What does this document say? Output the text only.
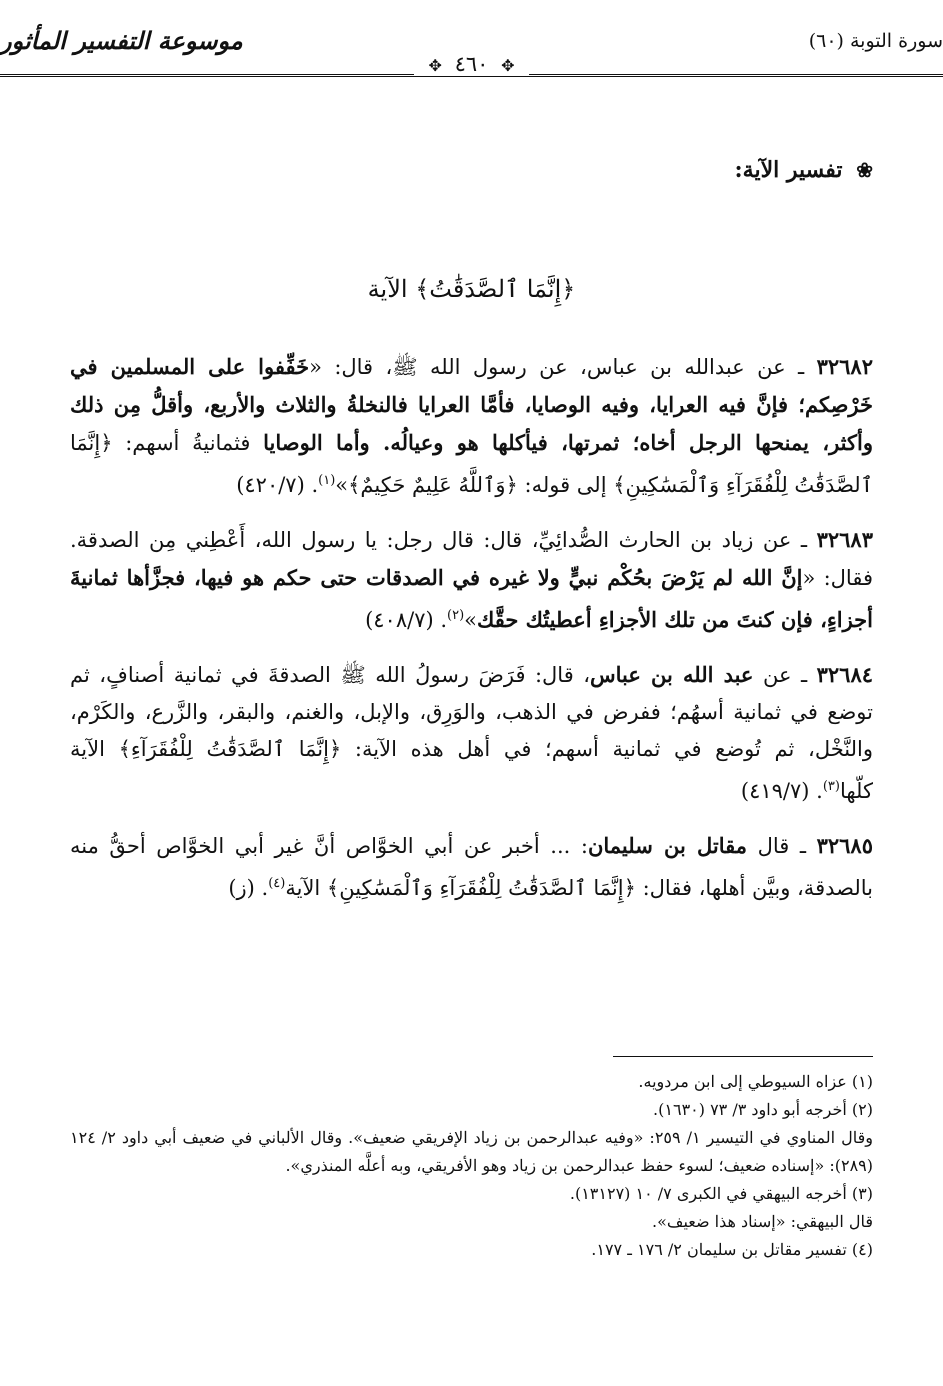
سورة التوبة (٦٠)
موسوعة التفسير المأثور
✥ ٤٦٠ ✥
❀ تفسير الآية:
﴿إِنَّمَا ٱلصَّدَقَٰتُ﴾ الآية

٣٢٦٨٢ ـ عن عبدالله بن عباس، عن رسول الله ﷺ، قال: «خَفِّفوا على المسلمين في خَرْصِكم؛ فإنَّ فيه العرايا، وفيه الوصايا، فأمَّا العرايا فالنخلةُ والثلاث والأربع، وأقلُّ مِن ذلك وأكثر، يمنحها الرجل أخاه؛ ثمرتها، فيأكلها هو وعيالُه. وأما الوصايا فثمانيةُ أسهم: ﴿إِنَّمَا ٱلصَّدَقَٰتُ لِلْفُقَرَآءِ وَٱلْمَسَٰكِينِ﴾ إلى قوله: ﴿وَٱللَّهُ عَلِيمٌ حَكِيمٌ﴾»$^{(١)}$. (٤٢٠/٧)

٣٢٦٨٣ ـ عن زياد بن الحارث الصُّدائِيِّ، قال: قال رجل: يا رسول الله، أَعْطِني مِن الصدقة. فقال: «إنَّ الله لم يَرْضَ بحُكْم نبيٍّ ولا غيره في الصدقات حتى حكم هو فيها، فجزَّأها ثمانيةَ أجزاءٍ، فإن كنتَ من تلك الأجزاءِ أعطيتُك حقَّك»$^{(٢)}$. (٤٠٨/٧)

٣٢٦٨٤ ـ عن عبد الله بن عباس، قال: فَرَضَ رسولُ الله ﷺ الصدقةَ في ثمانية أصنافٍ، ثم توضع في ثمانية أسهُم؛ ففرض في الذهب، والوَرِق، والإبل، والغنم، والبقر، والزَّرع، والكَرْم، والنَّخْل، ثم تُوضع في ثمانية أسهم؛ في أهل هذه الآية: ﴿إِنَّمَا ٱلصَّدَقَٰتُ لِلْفُقَرَآءِ﴾ الآية كلّها$^{(٣)}$. (٤١٩/٧)

٣٢٦٨٥ ـ قال مقاتل بن سليمان: ... أخبر عن أبي الخوَّاص أنَّ غير أبي الخوَّاص أحقُّ منه بالصدقة، وبيَّن أهلها، فقال: ﴿إِنَّمَا ٱلصَّدَقَٰتُ لِلْفُقَرَآءِ وَٱلْمَسَٰكِينِ﴾ الآية$^{(٤)}$. (ز)

(١) عزاه السيوطي إلى ابن مردويه.

(٢) أخرجه أبو داود ٣/ ٧٣ (١٦٣٠).

وقال المناوي في التيسير ١/ ٢٥٩: «وفيه عبدالرحمن بن زياد الإفريقي ضعيف». وقال الألباني في ضعيف أبي داود ٢/ ١٢٤ (٢٨٩): «إسناده ضعيف؛ لسوء حفظ عبدالرحمن بن زياد وهو الأفريقي، وبه أعلَّه المنذري».

(٣) أخرجه البيهقي في الكبرى ٧/ ١٠ (١٣١٢٧).

قال البيهقي: «إسناد هذا ضعيف».

(٤) تفسير مقاتل بن سليمان ٢/ ١٧٦ ـ ١٧٧.
